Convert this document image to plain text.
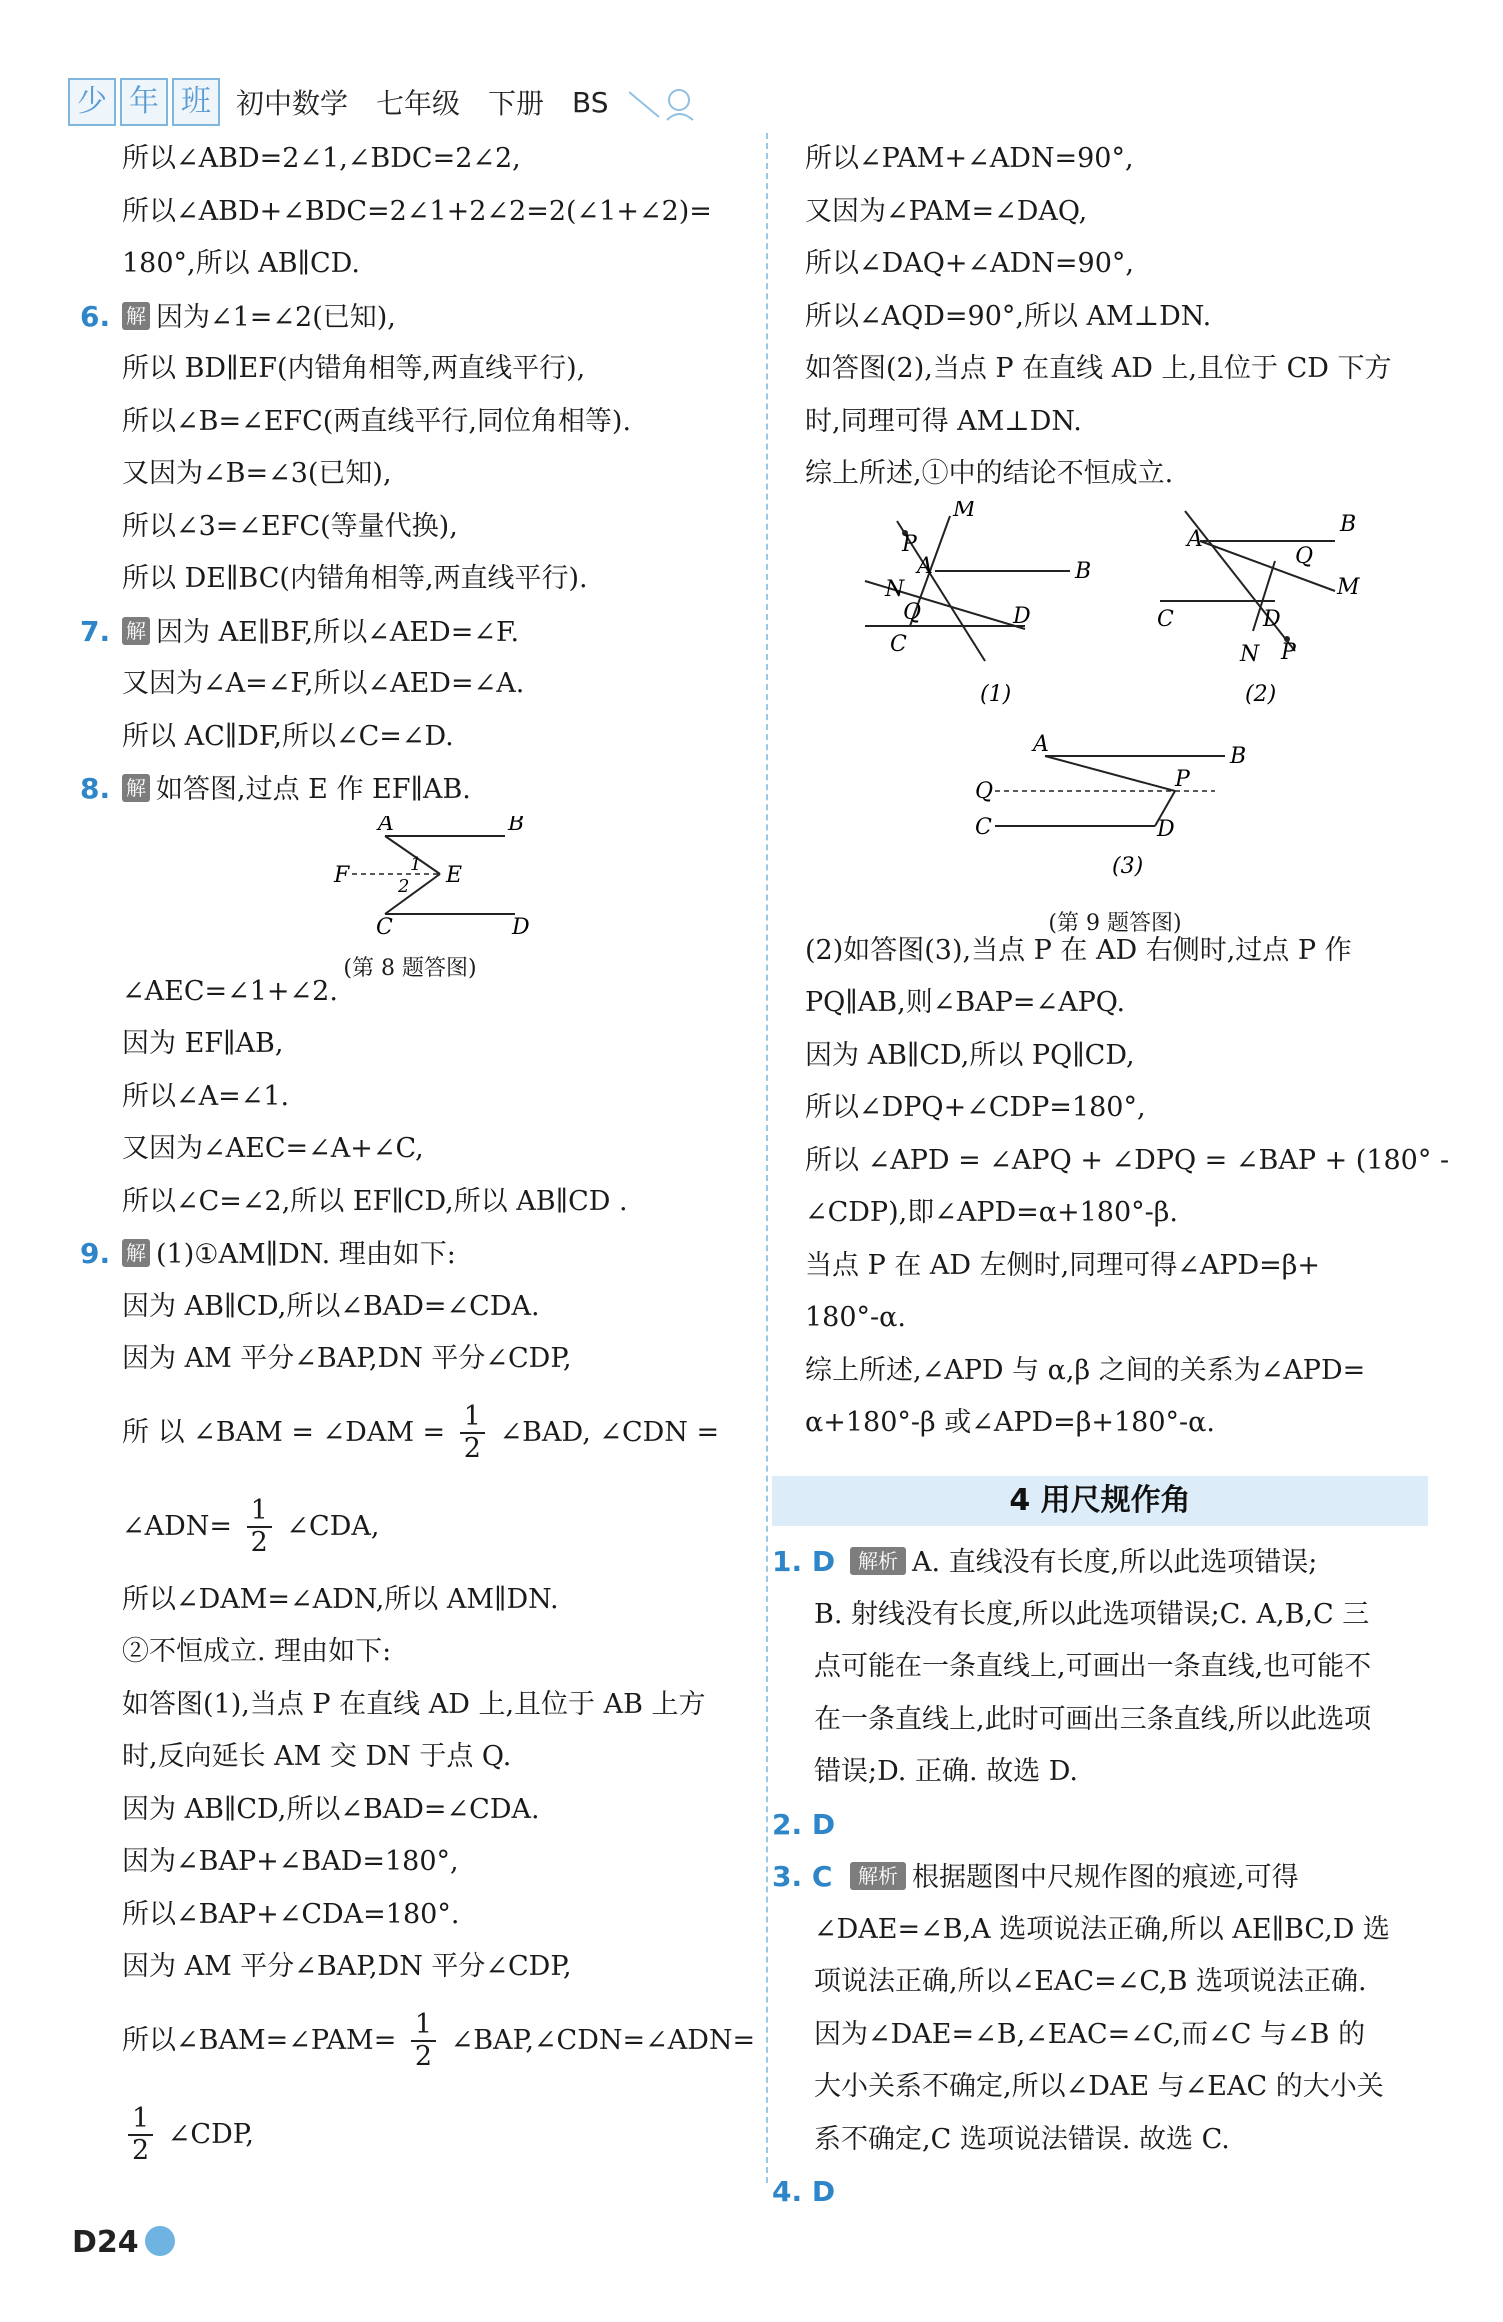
少 年 班 初中数学 七年级 下册 BS
所以∠ABD=2∠1,∠BDC=2∠2,
所以∠ABD+∠BDC=2∠1+2∠2=2(∠1+∠2)=
180°,所以 AB∥CD.
6. 解 因为∠1=∠2(已知),
所以 BD∥EF(内错角相等,两直线平行),
所以∠B=∠EFC(两直线平行,同位角相等).
又因为∠B=∠3(已知),
所以∠3=∠EFC(等量代换),
所以 DE∥BC(内错角相等,两直线平行).
7. 解 因为 AE∥BF,所以∠AED=∠F.
又因为∠A=∠F,所以∠AED=∠A.
所以 AC∥DF,所以∠C=∠D.
8. 解 如答图,过点 E 作 EF∥AB.
A	B
F	E
1
2
C	D
(第 8 题答图)
∠AEC=∠1+∠2.
因为 EF∥AB,
所以∠A=∠1.
又因为∠AEC=∠A+∠C,
所以∠C=∠2,所以 EF∥CD,所以 AB∥CD .
9. 解 (1)①AM∥DN. 理由如下:
因为 AB∥CD,所以∠BAD=∠CDA.
因为 AM 平分∠BAP,DN 平分∠CDP,
所 以 ∠BAM = ∠DAM = $\frac{1}{2}$ ∠BAD, ∠CDN =
∠ADN= $\frac{1}{2}$ ∠CDA,
所以∠DAM=∠ADN,所以 AM∥DN.
②不恒成立. 理由如下:
如答图(1),当点 P 在直线 AD 上,且位于 AB 上方
时,反向延长 AM 交 DN 于点 Q.
因为 AB∥CD,所以∠BAD=∠CDA.
因为∠BAP+∠BAD=180°,
所以∠BAP+∠CDA=180°.
因为 AM 平分∠BAP,DN 平分∠CDP,
所以∠BAM=∠PAM= $\frac{1}{2}$ ∠BAP,∠CDN=∠ADN=
$\frac{1}{2}$ ∠CDP,
所以∠PAM+∠ADN=90°,
又因为∠PAM=∠DAQ,
所以∠DAQ+∠ADN=90°,
所以∠AQD=90°,所以 AM⊥DN.
如答图(2),当点 P 在直线 AD 上,且位于 CD 下方
时,同理可得 AM⊥DN.
综上所述,①中的结论不恒成立.
M
P
A	B
N
Q	D
C
A
B
Q
M
C	D
N P
(1)	(2)
A	B
P
Q
C	D
(3)
(第 9 题答图)
(2)如答图(3),当点 P 在 AD 右侧时,过点 P 作
PQ∥AB,则∠BAP=∠APQ.
因为 AB∥CD,所以 PQ∥CD,
所以∠DPQ+∠CDP=180°,
所以 ∠APD = ∠APQ + ∠DPQ = ∠BAP + (180° -
∠CDP),即∠APD=α+180°-β.
当点 P 在 AD 左侧时,同理可得∠APD=β+
180°-α.
综上所述,∠APD 与 α,β 之间的关系为∠APD=
α+180°-β 或∠APD=β+180°-α.
4 用尺规作角
1. D 解析 A. 直线没有长度,所以此选项错误;
B. 射线没有长度,所以此选项错误;C. A,B,C 三
点可能在一条直线上,可画出一条直线,也可能不
在一条直线上,此时可画出三条直线,所以此选项
错误;D. 正确. 故选 D.
2. D
3. C 解析 根据题图中尺规作图的痕迹,可得
∠DAE=∠B,A 选项说法正确,所以 AE∥BC,D 选
项说法正确,所以∠EAC=∠C,B 选项说法正确.
因为∠DAE=∠B,∠EAC=∠C,而∠C 与∠B 的
大小关系不确定,所以∠DAE 与∠EAC 的大小关
系不确定,C 选项说法错误. 故选 C.
4. D
D24
